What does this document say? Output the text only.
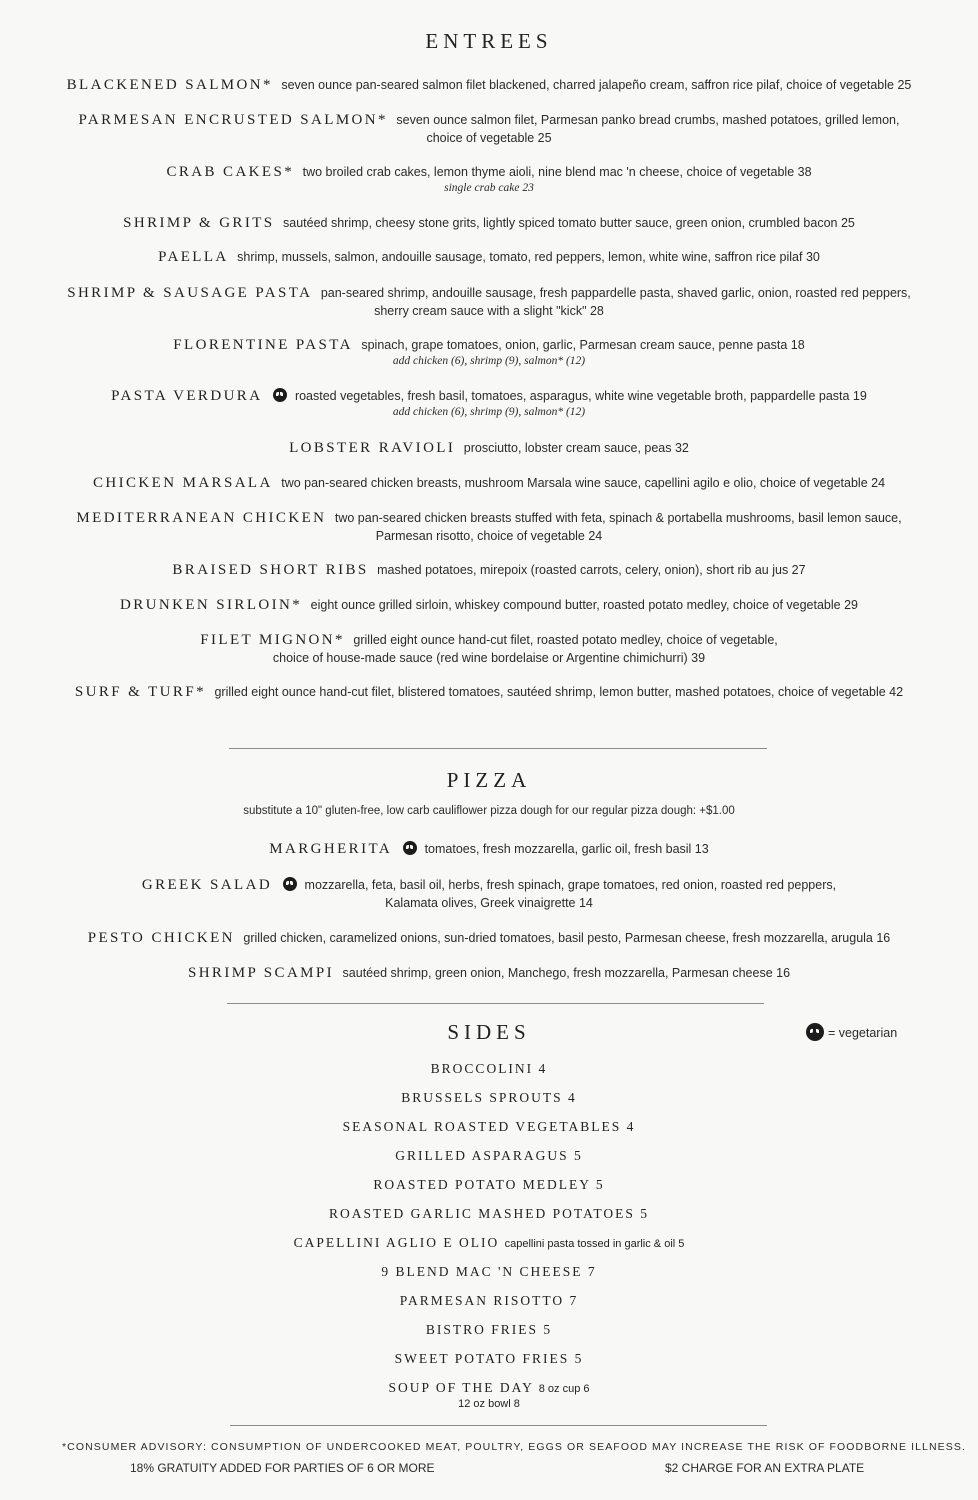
ENTREES
BLACKENED SALMON* seven ounce pan-seared salmon filet blackened, charred jalapeño cream, saffron rice pilaf, choice of vegetable 25
PARMESAN ENCRUSTED SALMON* seven ounce salmon filet, Parmesan panko bread crumbs, mashed potatoes, grilled lemon, choice of vegetable 25
CRAB CAKES* two broiled crab cakes, lemon thyme aioli, nine blend mac 'n cheese, choice of vegetable 38
single crab cake 23
SHRIMP & GRITS sautéed shrimp, cheesy stone grits, lightly spiced tomato butter sauce, green onion, crumbled bacon 25
PAELLA shrimp, mussels, salmon, andouille sausage, tomato, red peppers, lemon, white wine, saffron rice pilaf 30
SHRIMP & SAUSAGE PASTA pan-seared shrimp, andouille sausage, fresh pappardelle pasta, shaved garlic, onion, roasted red peppers, sherry cream sauce with a slight "kick" 28
FLORENTINE PASTA spinach, grape tomatoes, onion, garlic, Parmesan cream sauce, penne pasta 18
add chicken (6), shrimp (9), salmon* (12)
PASTA VERDURA	roasted vegetables, fresh basil, tomatoes, asparagus, white wine vegetable broth, pappardelle pasta 19
add chicken (6), shrimp (9), salmon* (12)
LOBSTER RAVIOLI prosciutto, lobster cream sauce, peas 32
CHICKEN MARSALA two pan-seared chicken breasts, mushroom Marsala wine sauce, capellini agilo e olio, choice of vegetable 24
MEDITERRANEAN CHICKEN two pan-seared chicken breasts stuffed with feta, spinach & portabella mushrooms, basil lemon sauce, Parmesan risotto, choice of vegetable 24
BRAISED SHORT RIBS mashed potatoes, mirepoix (roasted carrots, celery, onion), short rib au jus 27
DRUNKEN SIRLOIN* eight ounce grilled sirloin, whiskey compound butter, roasted potato medley, choice of vegetable 29
FILET MIGNON* grilled eight ounce hand-cut filet, roasted potato medley, choice of vegetable,
choice of house-made sauce (red wine bordelaise or Argentine chimichurri) 39
SURF & TURF* grilled eight ounce hand-cut filet, blistered tomatoes, sautéed shrimp, lemon butter, mashed potatoes, choice of vegetable 42
PIZZA
substitute a 10" gluten-free, low carb cauliflower pizza dough for our regular pizza dough: +$1.00
MARGHERITA	tomatoes, fresh mozzarella, garlic oil, fresh basil 13
GREEK SALAD	mozzarella, feta, basil oil, herbs, fresh spinach, grape tomatoes, red onion, roasted red peppers,
Kalamata olives, Greek vinaigrette 14
PESTO CHICKEN grilled chicken, caramelized onions, sun-dried tomatoes, basil pesto, Parmesan cheese, fresh mozzarella, arugula 16
SHRIMP SCAMPI sautéed shrimp, green onion, Manchego, fresh mozzarella, Parmesan cheese 16
SIDES	= vegetarian
BROCCOLINI 4
BRUSSELS SPROUTS 4
SEASONAL ROASTED VEGETABLES 4
GRILLED ASPARAGUS 5
ROASTED POTATO MEDLEY 5
ROASTED GARLIC MASHED POTATOES 5
CAPELLINI AGLIO E OLIO capellini pasta tossed in garlic & oil 5
9 BLEND MAC 'N CHEESE 7
PARMESAN RISOTTO 7
BISTRO FRIES 5
SWEET POTATO FRIES 5
SOUP OF THE DAY 8 oz cup 6
12 oz bowl 8
*CONSUMER ADVISORY: CONSUMPTION OF UNDERCOOKED MEAT, POULTRY, EGGS OR SEAFOOD MAY INCREASE THE RISK OF FOODBORNE ILLNESS.
18% GRATUITY ADDED FOR PARTIES OF 6 OR MORE	$2 CHARGE FOR AN EXTRA PLATE
